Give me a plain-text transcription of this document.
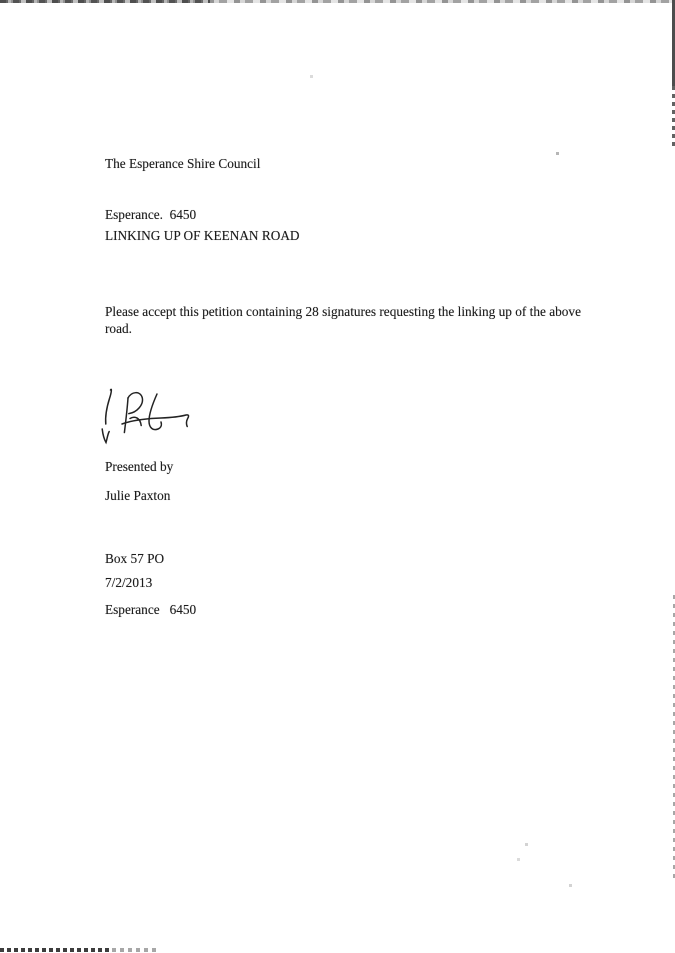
The Esperance Shire Council

Esperance.  6450

LINKING UP OF KEENAN ROAD
Please accept this petition containing 28 signatures requesting the linking up of the above road.
Presented by
Julie Paxton

Box 57 PO

Esperance   6450

7/2/2013
